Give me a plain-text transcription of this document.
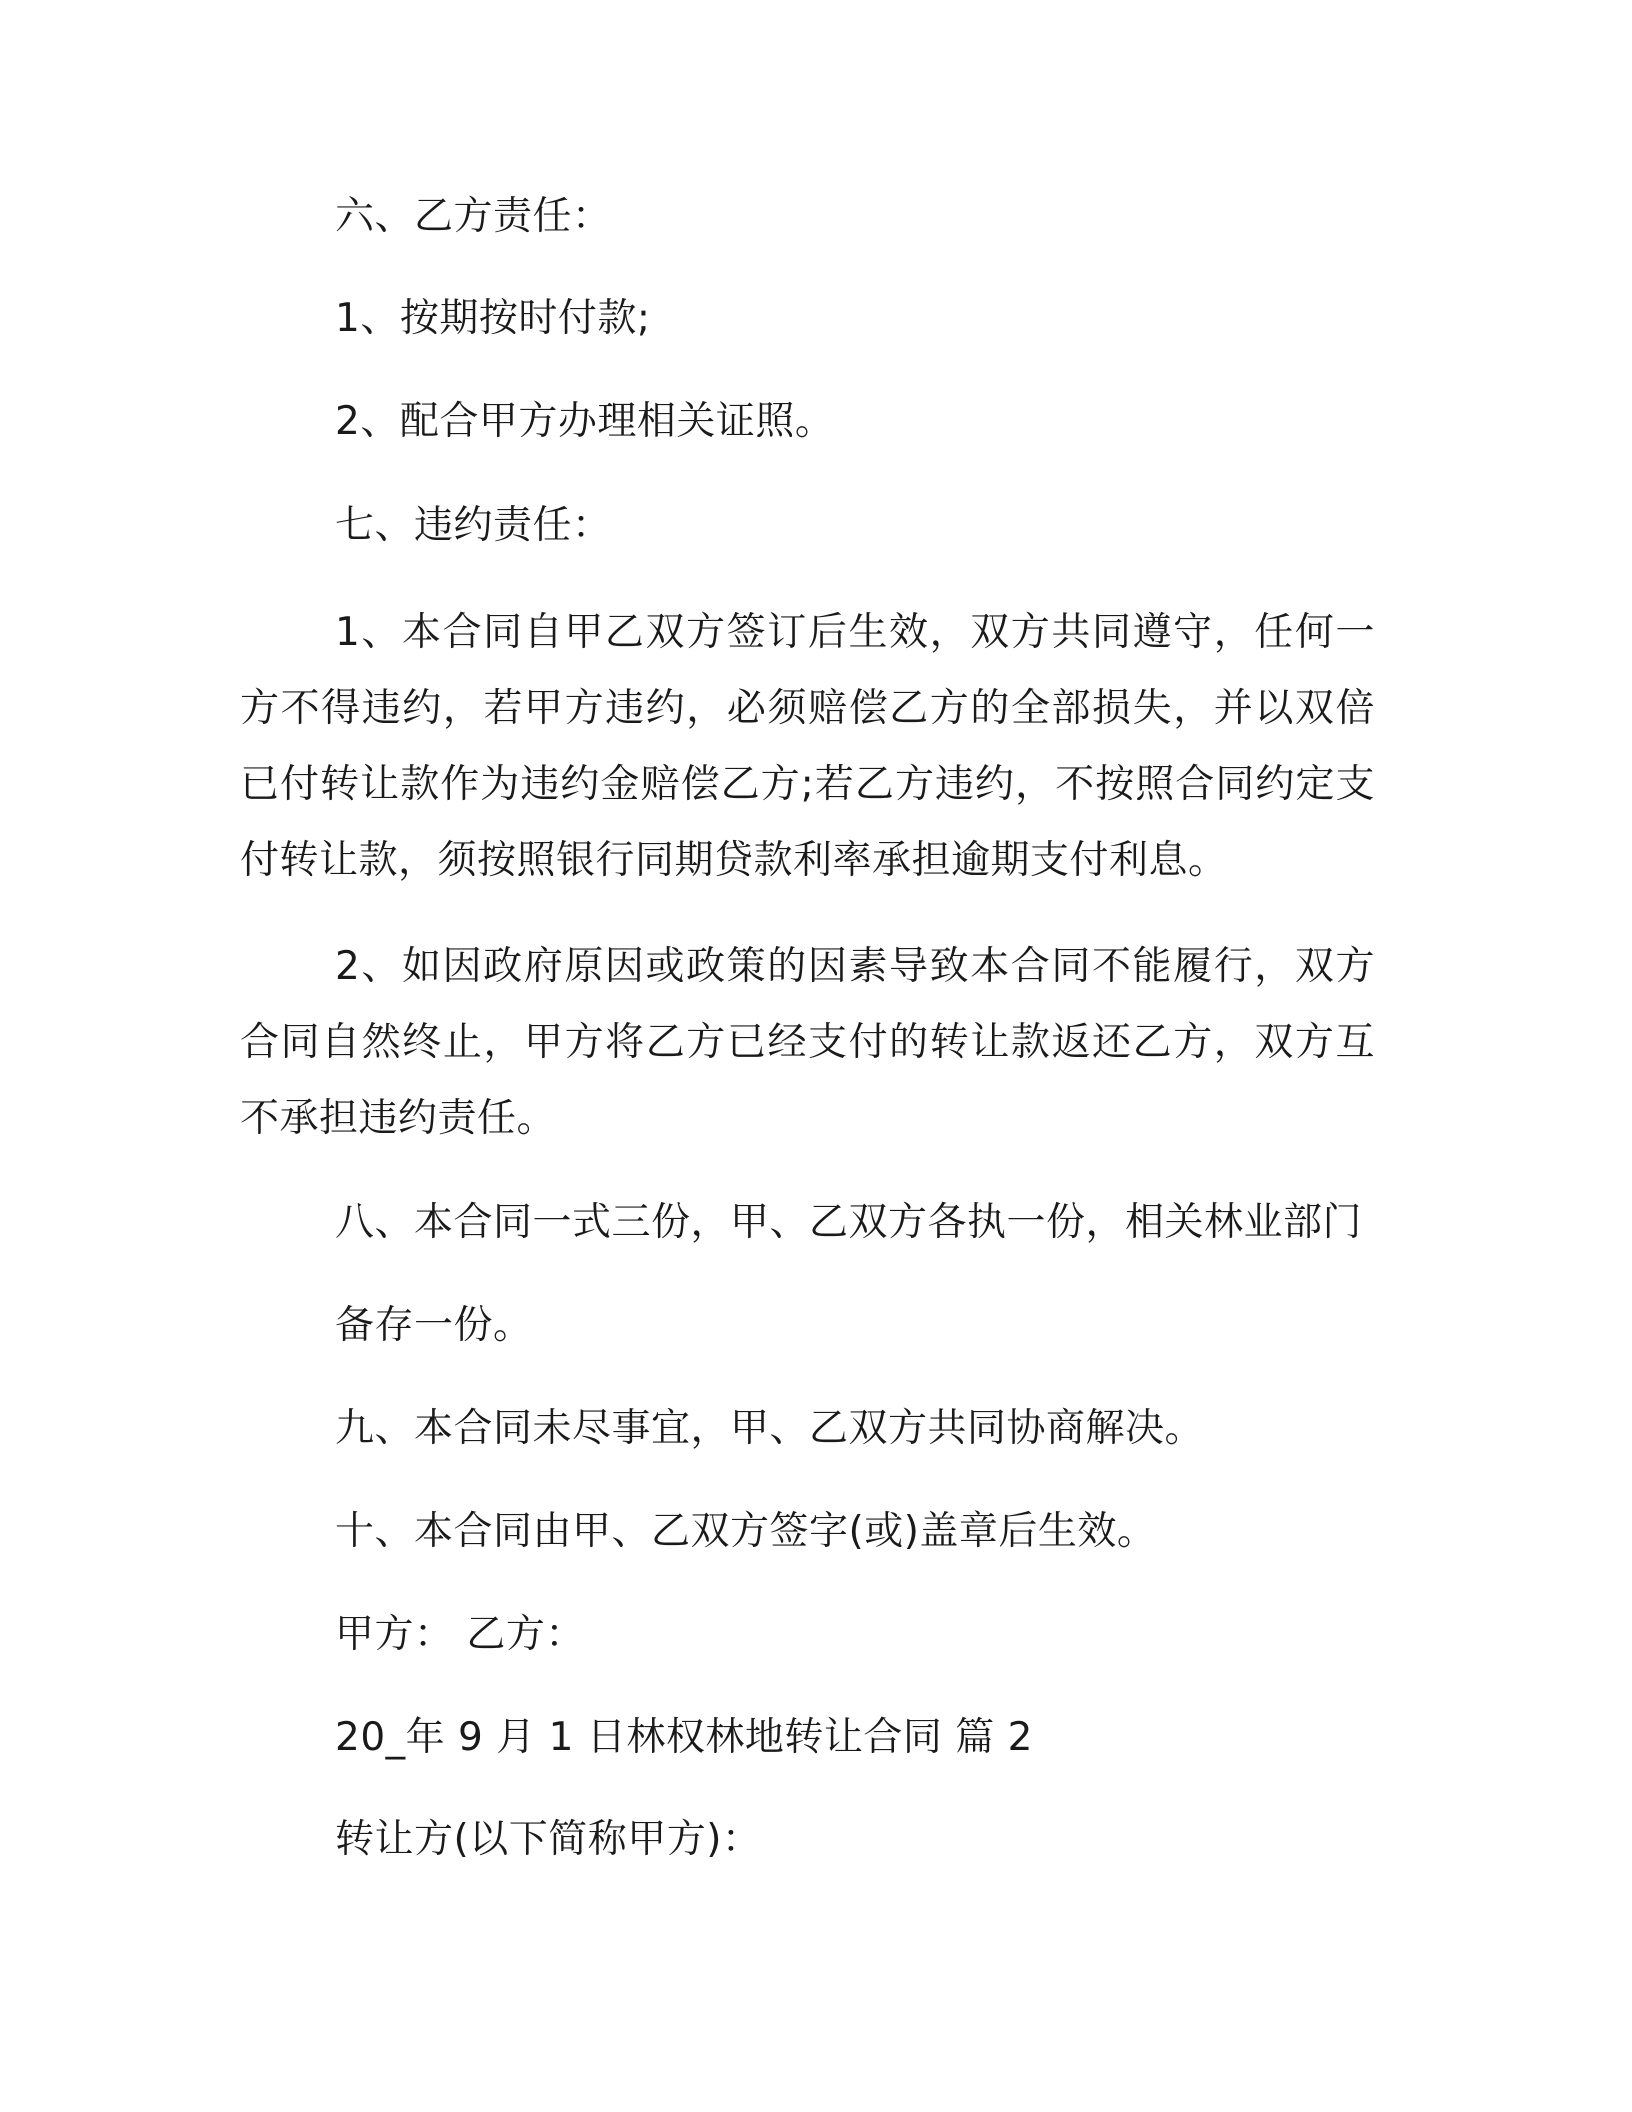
六、乙方责任：
1、按期按时付款;
2、配合甲方办理相关证照。
七、违约责任：
1、本合同自甲乙双方签订后生效，双方共同遵守，任何一方不得违约，若甲方违约，必须赔偿乙方的全部损失，并以双倍已付转让款作为违约金赔偿乙方;若乙方违约，不按照合同约定支付转让款，须按照银行同期贷款利率承担逾期支付利息。
2、如因政府原因或政策的因素导致本合同不能履行，双方合同自然终止，甲方将乙方已经支付的转让款返还乙方，双方互不承担违约责任。
八、本合同一式三份，甲、乙双方各执一份，相关林业部门
备存一份。
九、本合同未尽事宜，甲、乙双方共同协商解决。
十、本合同由甲、乙双方签字(或)盖章后生效。
甲方： 乙方：
20_年 9 月 1 日林权林地转让合同 篇 2
转让方(以下简称甲方)：
